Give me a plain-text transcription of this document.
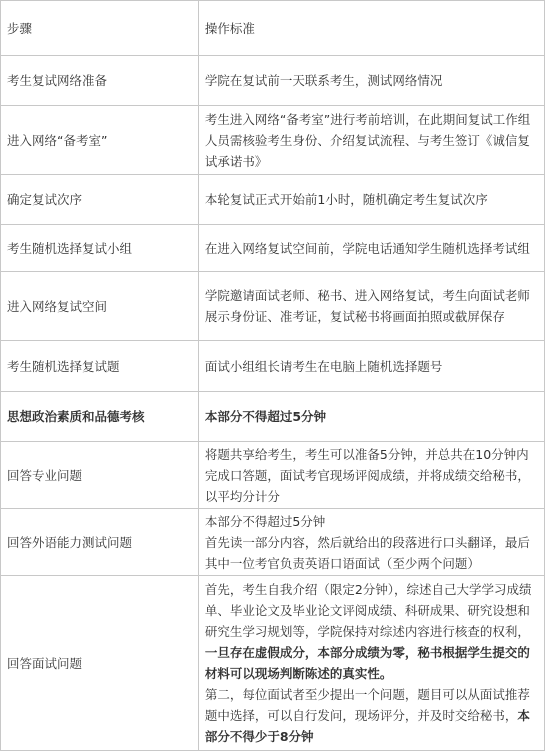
步骤	操作标准
考生复试网络准备	学院在复试前一天联系考生，测试网络情况
进入网络“备考室”	考生进入网络“备考室”进行考前培训，在此期间复试工作组人员需核验考生身份、介绍复试流程、与考生签订《诚信复试承诺书》
确定复试次序	本轮复试正式开始前1小时，随机确定考生复试次序
考生随机选择复试小组	在进入网络复试空间前，学院电话通知学生随机选择考试组
进入网络复试空间	学院邀请面试老师、秘书、进入网络复试，考生向面试老师展示身份证、准考证，复试秘书将画面拍照或截屏保存
考生随机选择复试题	面试小组组长请考生在电脑上随机选择题号
思想政治素质和品德考核	本部分不得超过5分钟
回答专业问题	将题共享给考生，考生可以准备5分钟，并总共在10分钟内完成口答题，面试考官现场评阅成绩，并将成绩交给秘书，以平均分计分
回答外语能力测试问题	本部分不得超过5分钟
首先读一部分内容，然后就给出的段落进行口头翻译，最后其中一位考官负责英语口语面试（至少两个问题）

回答面试问题	首先，考生自我介绍（限定2分钟），综述自己大学学习成绩单、毕业论文及毕业论文评阅成绩、科研成果、研究设想和研究生学习规划等，学院保持对综述内容进行核查的权利，一旦存在虚假成分，本部分成绩为零，秘书根据学生提交的材料可以现场判断陈述的真实性。
第二，每位面试者至少提出一个问题，题目可以从面试推荐题中选择，可以自行发问，现场评分，并及时交给秘书，本部分不得少于8分钟
